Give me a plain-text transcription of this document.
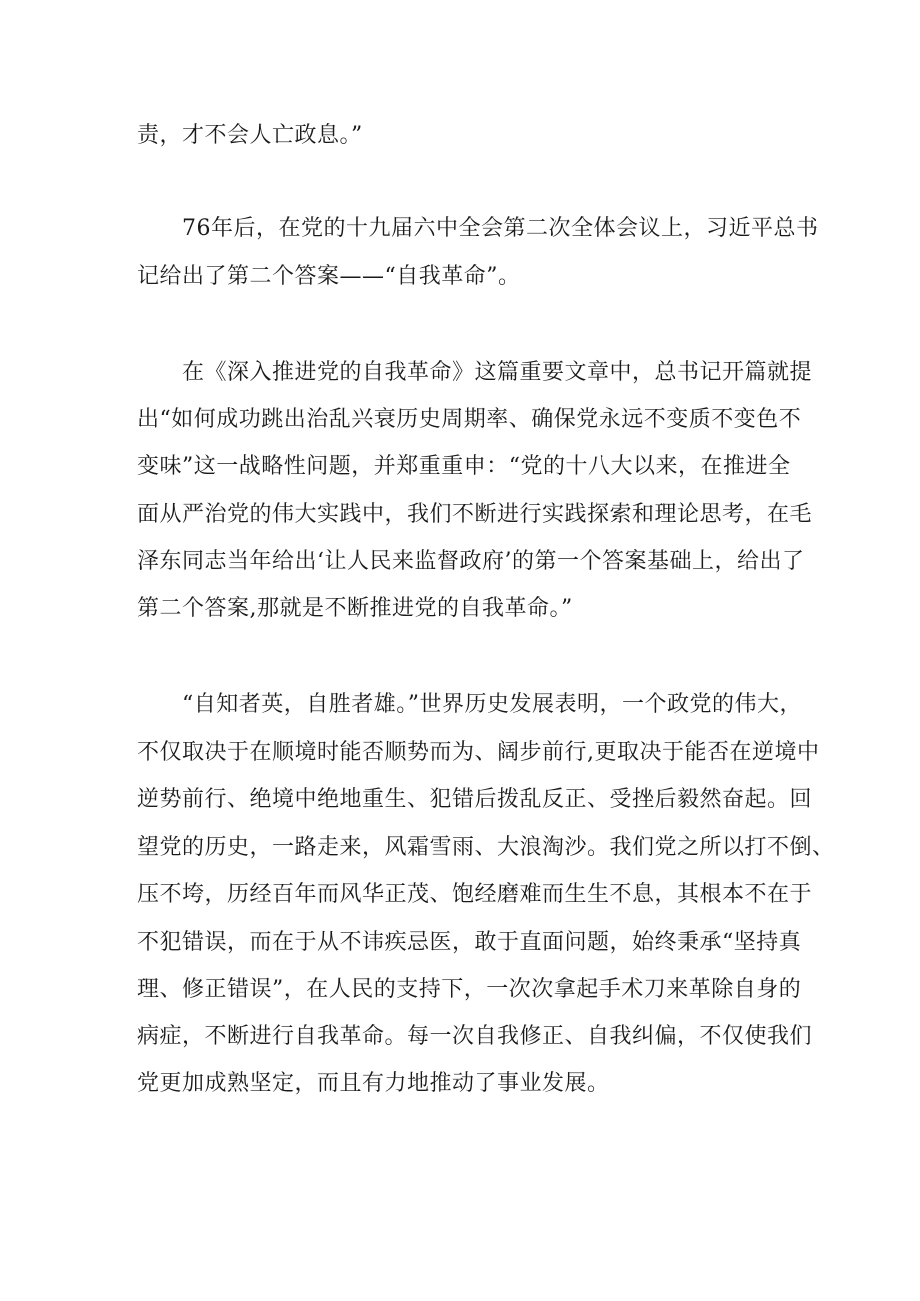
责，才不会人亡政息。”
76年后，在党的十九届六中全会第二次全体会议上，习近平总书
记给出了第二个答案——“自我革命”。
在《深入推进党的自我革命》这篇重要文章中，总书记开篇就提
出“如何成功跳出治乱兴衰历史周期率、确保党永远不变质不变色不
变味”这一战略性问题，并郑重重申：“党的十八大以来，在推进全
面从严治党的伟大实践中，我们不断进行实践探索和理论思考，在毛
泽东同志当年给出‘让人民来监督政府’的第一个答案基础上，给出了
第二个答案,那就是不断推进党的自我革命。”
“自知者英，自胜者雄。”世界历史发展表明，一个政党的伟大，
不仅取决于在顺境时能否顺势而为、阔步前行,更取决于能否在逆境中
逆势前行、绝境中绝地重生、犯错后拨乱反正、受挫后毅然奋起。回
望党的历史，一路走来，风霜雪雨、大浪淘沙。我们党之所以打不倒、
压不垮，历经百年而风华正茂、饱经磨难而生生不息，其根本不在于
不犯错误，而在于从不讳疾忌医，敢于直面问题，始终秉承“坚持真
理、修正错误”，在人民的支持下，一次次拿起手术刀来革除自身的
病症，不断进行自我革命。每一次自我修正、自我纠偏，不仅使我们
党更加成熟坚定，而且有力地推动了事业发展。
